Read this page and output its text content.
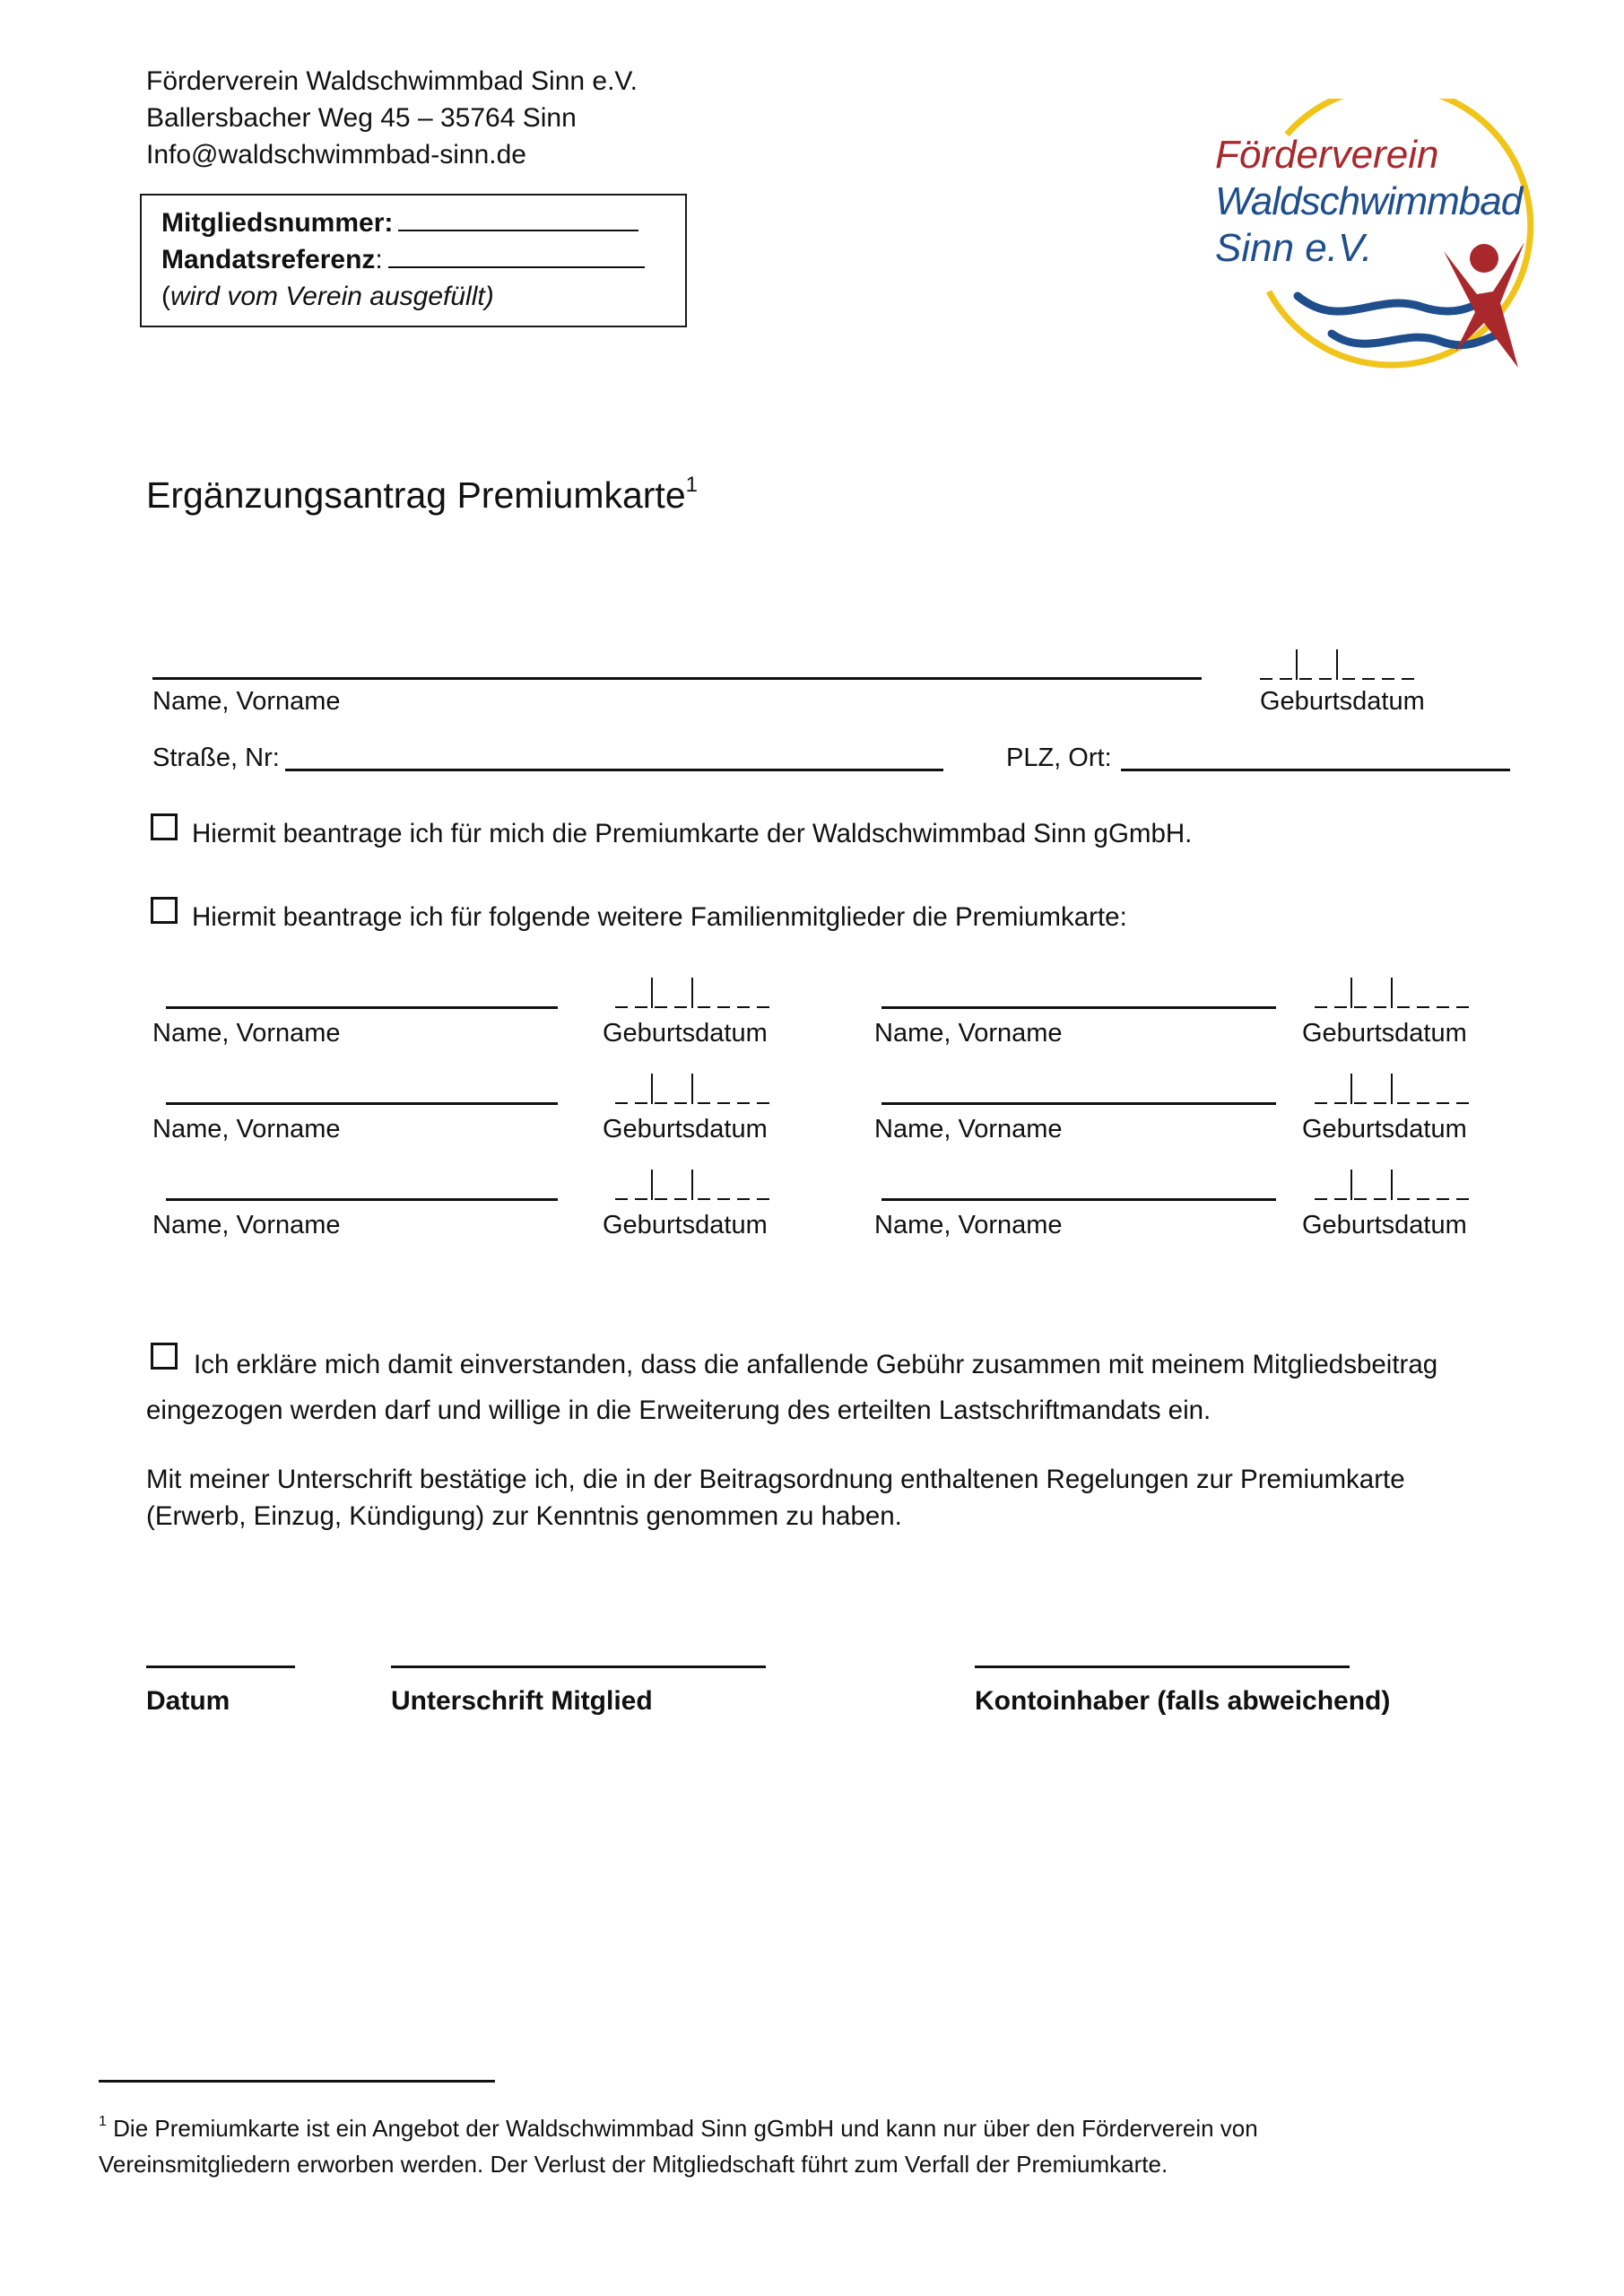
Förderverein Waldschwimmbad Sinn e.V.
Ballersbacher Weg 45 – 35764 Sinn
Info@waldschwimmbad-sinn.de
Mitgliedsnummer:
Mandatsreferenz:
(wird vom Verein ausgefüllt)
Förderverein
Waldschwimmbad
Sinn e.V.
Ergänzungsantrag Premiumkarte$^1$
Name, Vorname	Geburtsdatum
Straße, Nr:	PLZ, Ort:
Hiermit beantrage ich für mich die Premiumkarte der Waldschwimmbad Sinn gGmbH.
Hiermit beantrage ich für folgende weitere Familienmitglieder die Premiumkarte:
Name, Vorname	Geburtsdatum	Name, Vorname	Geburtsdatum
Name, Vorname	Geburtsdatum	Name, Vorname	Geburtsdatum
Name, Vorname	Geburtsdatum	Name, Vorname	Geburtsdatum
Ich erkläre mich damit einverstanden, dass die anfallende Gebühr zusammen mit meinem Mitgliedsbeitrag
eingezogen werden darf und willige in die Erweiterung des erteilten Lastschriftmandats ein.
Mit meiner Unterschrift bestätige ich, die in der Beitragsordnung enthaltenen Regelungen zur Premiumkarte
(Erwerb, Einzug, Kündigung) zur Kenntnis genommen zu haben.
Datum	Unterschrift Mitglied	Kontoinhaber (falls abweichend)
$^1$ Die Premiumkarte ist ein Angebot der Waldschwimmbad Sinn gGmbH und kann nur über den Förderverein von
Vereinsmitgliedern erworben werden. Der Verlust der Mitgliedschaft führt zum Verfall der Premiumkarte.
